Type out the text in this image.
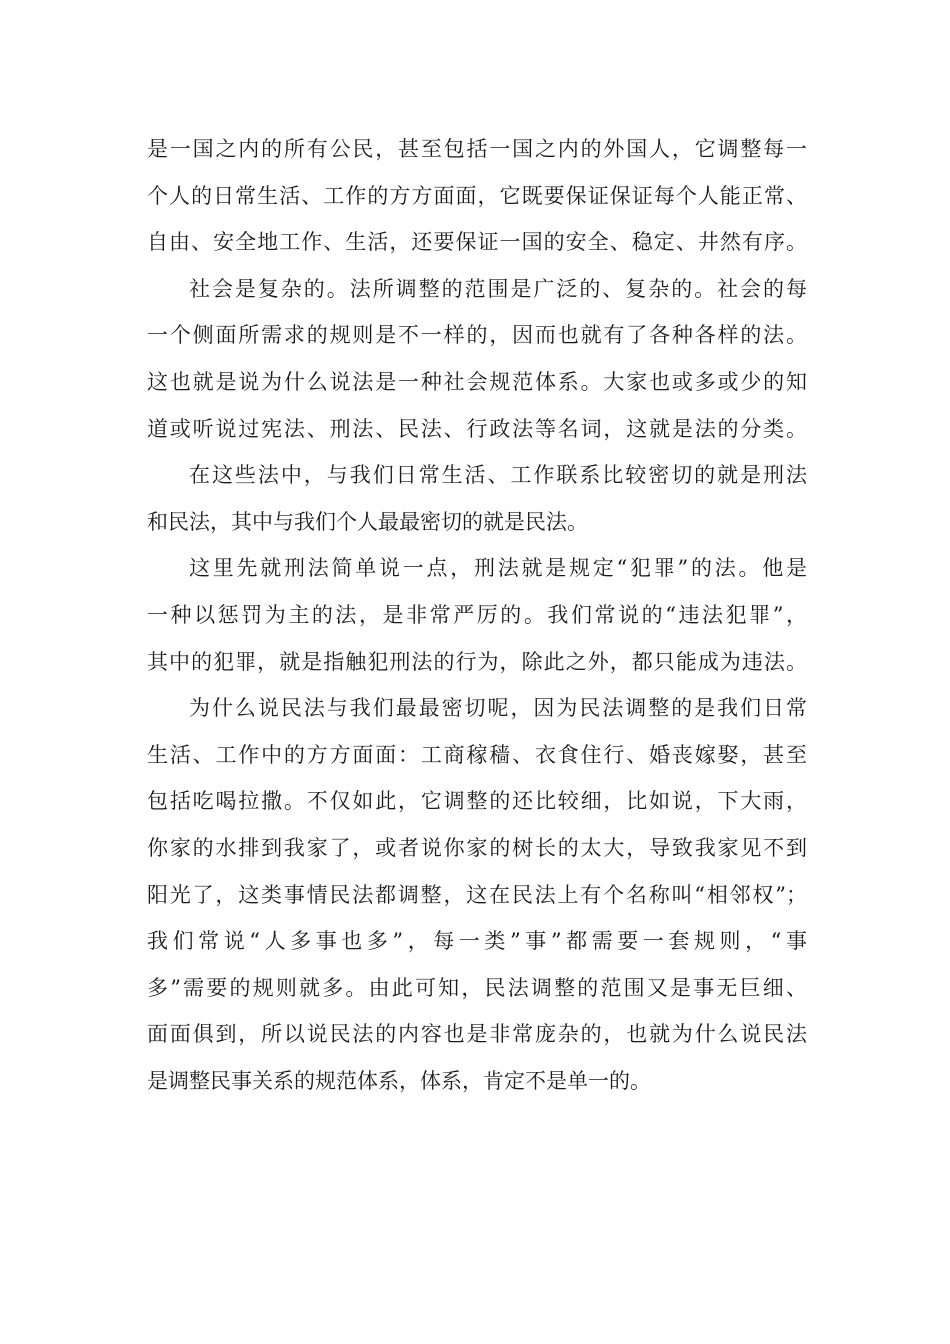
是一国之内的所有公民，甚至包括一国之内的外国人，它调整每一
个人的日常生活、工作的方方面面，它既要保证保证每个人能正常、
自由、安全地工作、生活，还要保证一国的安全、稳定、井然有序。
社会是复杂的。法所调整的范围是广泛的、复杂的。社会的每
一个侧面所需求的规则是不一样的，因而也就有了各种各样的法。
这也就是说为什么说法是一种社会规范体系。大家也或多或少的知
道或听说过宪法、刑法、民法、行政法等名词，这就是法的分类。
在这些法中，与我们日常生活、工作联系比较密切的就是刑法
和民法，其中与我们个人最最密切的就是民法。
这里先就刑法简单说一点，刑法就是规定“犯罪”的法。他是
一种以惩罚为主的法，是非常严厉的。我们常说的“违法犯罪”，
其中的犯罪，就是指触犯刑法的行为，除此之外，都只能成为违法。
为什么说民法与我们最最密切呢，因为民法调整的是我们日常
生活、工作中的方方面面：工商稼穑、衣食住行、婚丧嫁娶，甚至
包括吃喝拉撒。不仅如此，它调整的还比较细，比如说，下大雨，
你家的水排到我家了，或者说你家的树长的太大，导致我家见不到
阳光了，这类事情民法都调整，这在民法上有个名称叫“相邻权”；
我们常说“人多事也多”，每一类”事”都需要一套规则，“事
多”需要的规则就多。由此可知，民法调整的范围又是事无巨细、
面面俱到，所以说民法的内容也是非常庞杂的，也就为什么说民法
是调整民事关系的规范体系，体系，肯定不是单一的。
